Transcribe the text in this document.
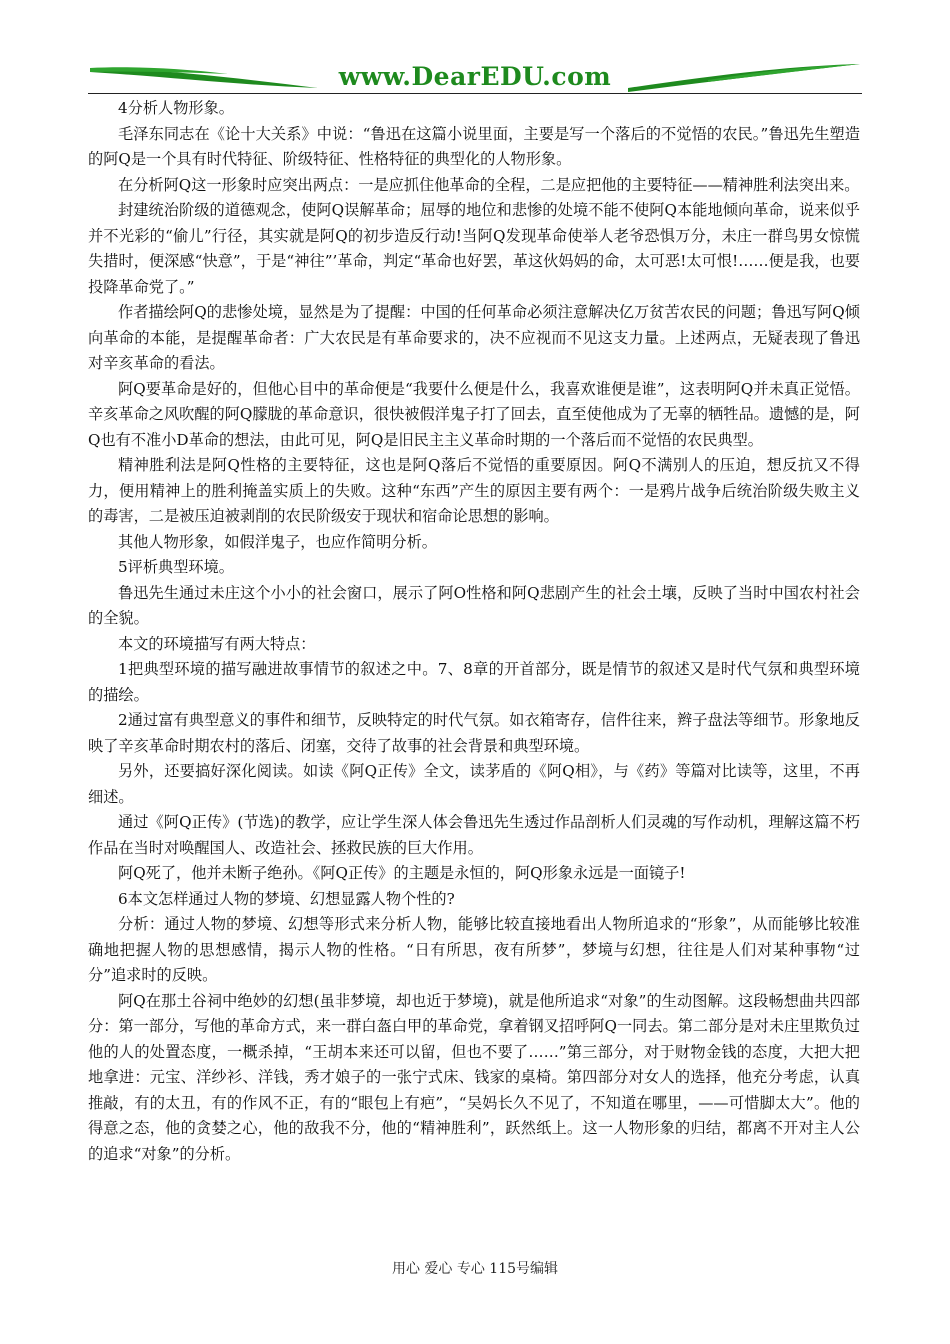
www.DearEDU.com

4分析人物形象。

毛泽东同志在《论十大关系》中说：“鲁迅在这篇小说里面，主要是写一个落后的不觉悟的农民。”鲁迅先生塑造的阿Q是一个具有时代特征、阶级特征、性格特征的典型化的人物形象。

在分析阿Q这一形象时应突出两点：一是应抓住他革命的全程，二是应把他的主要特征——精神胜利法突出来。

封建统治阶级的道德观念，使阿Q误解革命；屈辱的地位和悲惨的处境不能不使阿Q本能地倾向革命，说来似乎并不光彩的“偷儿”行径，其实就是阿Q的初步造反行动!当阿Q发现革命使举人老爷恐惧万分，未庄一群鸟男女惊慌失措时，便深感“快意”，于是“神往”’革命，判定“革命也好罢，革这伙妈妈的命，太可恶!太可恨!……便是我，也要投降革命党了。”

作者描绘阿Q的悲惨处境，显然是为了提醒：中国的任何革命必须注意解决亿万贫苦农民的问题；鲁迅写阿Q倾向革命的本能，是提醒革命者：广大农民是有革命要求的，决不应视而不见这支力量。上述两点，无疑表现了鲁迅对辛亥革命的看法。

阿Q要革命是好的，但他心目中的革命便是“我要什么便是什么，我喜欢谁便是谁”，这表明阿Q并未真正觉悟。辛亥革命之风吹醒的阿Q朦胧的革命意识，很快被假洋鬼子打了回去，直至使他成为了无辜的牺牲品。遗憾的是，阿Q也有不准小D革命的想法，由此可见，阿Q是旧民主主义革命时期的一个落后而不觉悟的农民典型。

精神胜利法是阿Q性格的主要特征，这也是阿Q落后不觉悟的重要原因。阿Q不满别人的压迫，想反抗又不得力，便用精神上的胜利掩盖实质上的失败。这种“东西”产生的原因主要有两个：一是鸦片战争后统治阶级失败主义的毒害，二是被压迫被剥削的农民阶级安于现状和宿命论思想的影响。

其他人物形象，如假洋鬼子，也应作简明分析。

5评析典型环境。

鲁迅先生通过未庄这个小小的社会窗口，展示了阿O性格和阿Q悲剧产生的社会土壤，反映了当时中国农村社会的全貌。

本文的环境描写有两大特点：

1把典型环境的描写融进故事情节的叙述之中。7、8章的开首部分，既是情节的叙述又是时代气氛和典型环境的描绘。

2通过富有典型意义的事件和细节，反映特定的时代气氛。如衣箱寄存，信件往来，辫子盘法等细节。形象地反映了辛亥革命时期农村的落后、闭塞，交待了故事的社会背景和典型环境。

另外，还要搞好深化阅读。如读《阿Q正传》全文，读茅盾的《阿Q相》，与《药》等篇对比读等，这里，不再细述。

通过《阿Q正传》(节选)的教学，应让学生深人体会鲁迅先生透过作品剖析人们灵魂的写作动机，理解这篇不朽作品在当时对唤醒国人、改造社会、拯救民族的巨大作用。

阿Q死了，他并未断子绝孙。《阿Q正传》的主题是永恒的，阿Q形象永远是一面镜子!

6本文怎样通过人物的梦境、幻想显露人物个性的?

分析：通过人物的梦境、幻想等形式来分析人物，能够比较直接地看出人物所追求的“形象”，从而能够比较准确地把握人物的思想感情，揭示人物的性格。“日有所思，夜有所梦”，梦境与幻想，往往是人们对某种事物“过分”追求时的反映。

阿Q在那土谷祠中绝妙的幻想(虽非梦境，却也近于梦境)，就是他所追求“对象”的生动图解。这段畅想曲共四部分：第一部分，写他的革命方式，来一群白盔白甲的革命党，拿着钢叉招呼阿Q一同去。第二部分是对未庄里欺负过他的人的处置态度，一概杀掉，“王胡本来还可以留，但也不要了……”第三部分，对于财物金钱的态度，大把大把地拿进：元宝、洋纱衫、洋钱，秀才娘子的一张宁式床、钱家的桌椅。第四部分对女人的选择，他充分考虑，认真推敲，有的太丑，有的作风不正，有的“眼包上有疤”，“吴妈长久不见了，不知道在哪里，——可惜脚太大”。他的得意之态，他的贪婪之心，他的敌我不分，他的“精神胜利”，跃然纸上。这一人物形象的归结，都离不开对主人公的追求“对象”的分析。

用心 爱心 专心 115号编辑
